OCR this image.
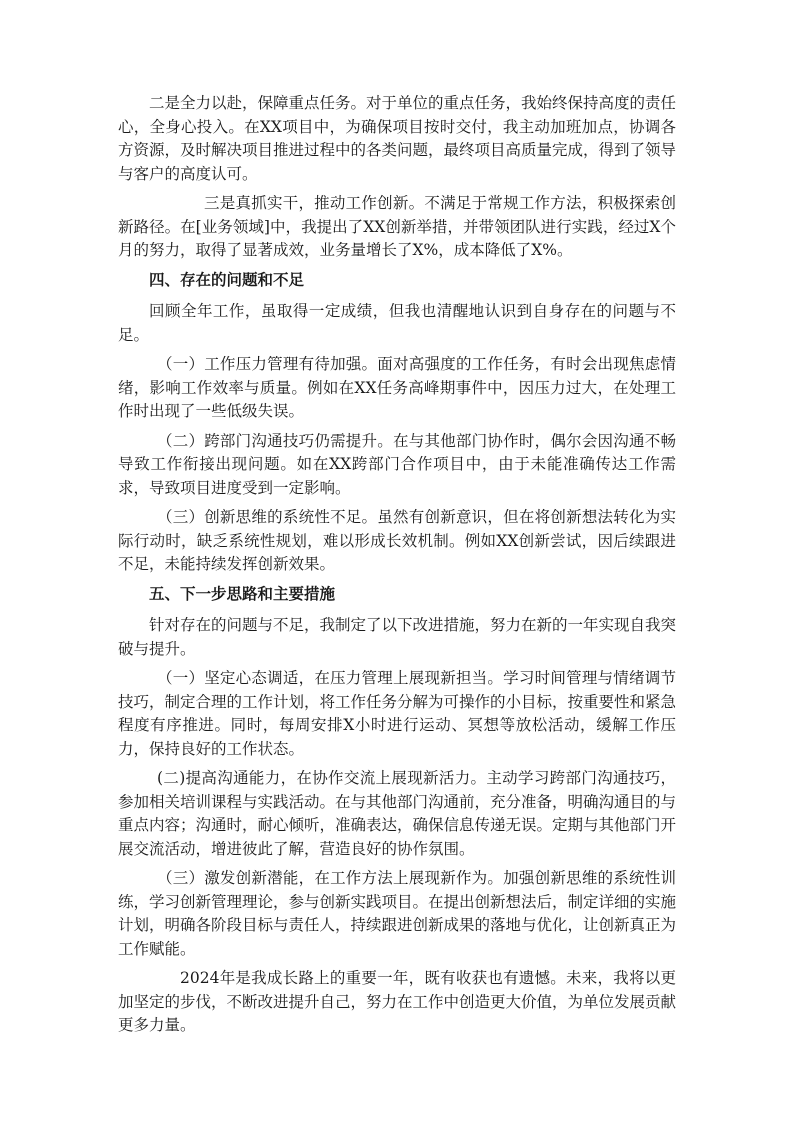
二是全力以赴，保障重点任务。对于单位的重点任务，我始终保持高度的责任心，全身心投入。在XX项目中，为确保项目按时交付，我主动加班加点，协调各方资源，及时解决项目推进过程中的各类问题，最终项目高质量完成，得到了领导与客户的高度认可。

三是真抓实干，推动工作创新。不满足于常规工作方法，积极探索创新路径。在[业务领域]中，我提出了XX创新举措，并带领团队进行实践，经过X个月的努力，取得了显著成效，业务量增长了X%，成本降低了X%。

四、存在的问题和不足

回顾全年工作，虽取得一定成绩，但我也清醒地认识到自身存在的问题与不足。

（一）工作压力管理有待加强。面对高强度的工作任务，有时会出现焦虑情绪，影响工作效率与质量。例如在XX任务高峰期事件中，因压力过大，在处理工作时出现了一些低级失误。

（二）跨部门沟通技巧仍需提升。在与其他部门协作时，偶尔会因沟通不畅导致工作衔接出现问题。如在XX跨部门合作项目中，由于未能准确传达工作需求，导致项目进度受到一定影响。

（三）创新思维的系统性不足。虽然有创新意识，但在将创新想法转化为实际行动时，缺乏系统性规划，难以形成长效机制。例如XX创新尝试，因后续跟进不足，未能持续发挥创新效果。

五、下一步思路和主要措施

针对存在的问题与不足，我制定了以下改进措施，努力在新的一年实现自我突破与提升。

（一）坚定心态调适，在压力管理上展现新担当。学习时间管理与情绪调节技巧，制定合理的工作计划，将工作任务分解为可操作的小目标，按重要性和紧急程度有序推进。同时，每周安排X小时进行运动、冥想等放松活动，缓解工作压力，保持良好的工作状态。

(二)提高沟通能力，在协作交流上展现新活力。主动学习跨部门沟通技巧，参加相关培训课程与实践活动。在与其他部门沟通前，充分准备，明确沟通目的与重点内容；沟通时，耐心倾听，准确表达，确保信息传递无误。定期与其他部门开展交流活动，增进彼此了解，营造良好的协作氛围。

（三）激发创新潜能，在工作方法上展现新作为。加强创新思维的系统性训练，学习创新管理理论，参与创新实践项目。在提出创新想法后，制定详细的实施计划，明确各阶段目标与责任人，持续跟进创新成果的落地与优化，让创新真正为工作赋能。

2024年是我成长路上的重要一年，既有收获也有遗憾。未来，我将以更加坚定的步伐，不断改进提升自己，努力在工作中创造更大价值，为单位发展贡献更多力量。
